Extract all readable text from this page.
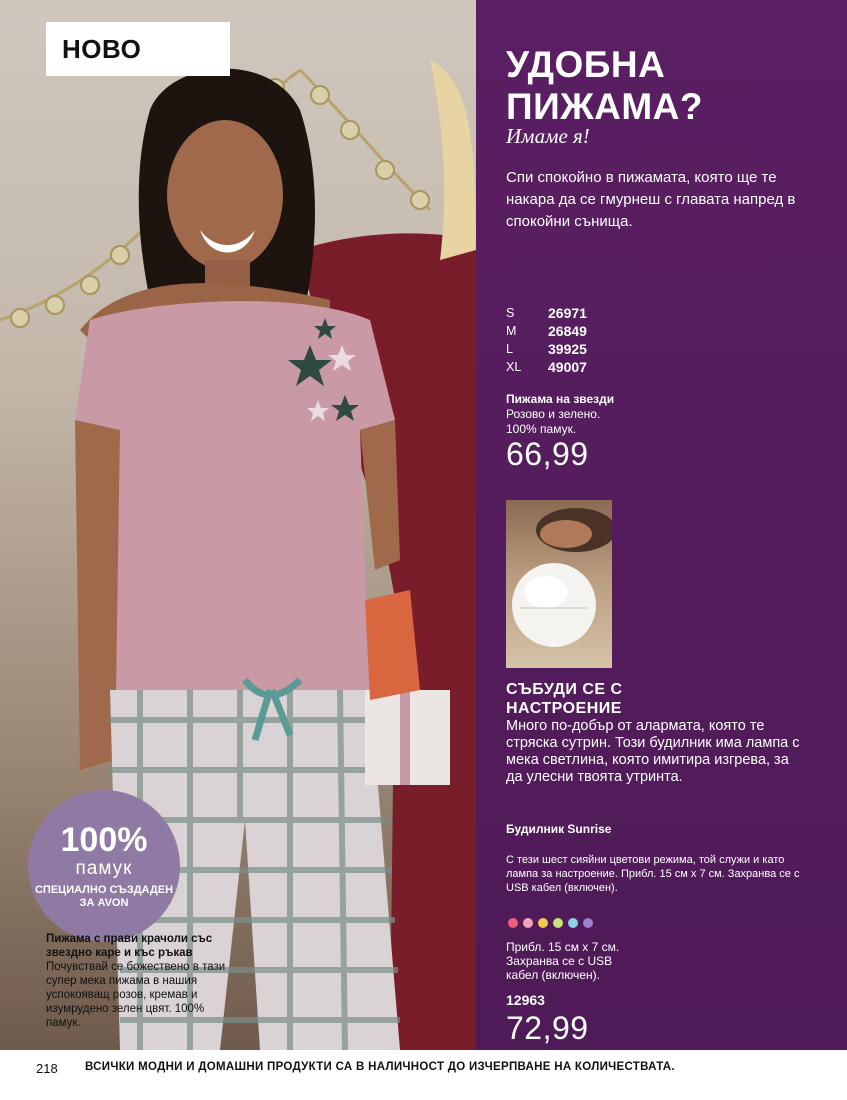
НОВО
100%
памук
СПЕЦИАЛНО СЪЗДАДЕН ЗА AVON
Пижама с прави крачоли със звездно каре и къс ръкав
Почувствай се божествено в тази супер мека пижама в нашия успокояващ розов, кремав и изумрудено зелен цвят. 100% памук.
УДОБНА
ПИЖАМА?
Имаме я!
Спи спокойно в пижамата, която ще те накара да се гмурнеш с главата напред в спокойни сънища.
S	26971
M	26849
L	39925
XL	49007
Пижама на звезди
Розово и зелено.
100% памук.
66,99
СЪБУДИ СЕ С
НАСТРОЕНИЕ
Много по-добър от алармата, която те стряска сутрин. Този будилник има лампа с мека светлина, която имитира изгрева, за да улесни твоята утринта.
Будилник Sunrise
С тези шест сияйни цветови режима, той служи и като лампа за настроение. Прибл. 15 см х 7 см. Захранва се с USB кабел (включен).
Прибл. 15 см х 7 см.
Захранва се с USB
кабел (включен).
12963
72,99
218 ВСИЧКИ МОДНИ И ДОМАШНИ ПРОДУКТИ СА В НАЛИЧНОСТ ДО ИЗЧЕРПВАНЕ НА КОЛИЧЕСТВАТА.
